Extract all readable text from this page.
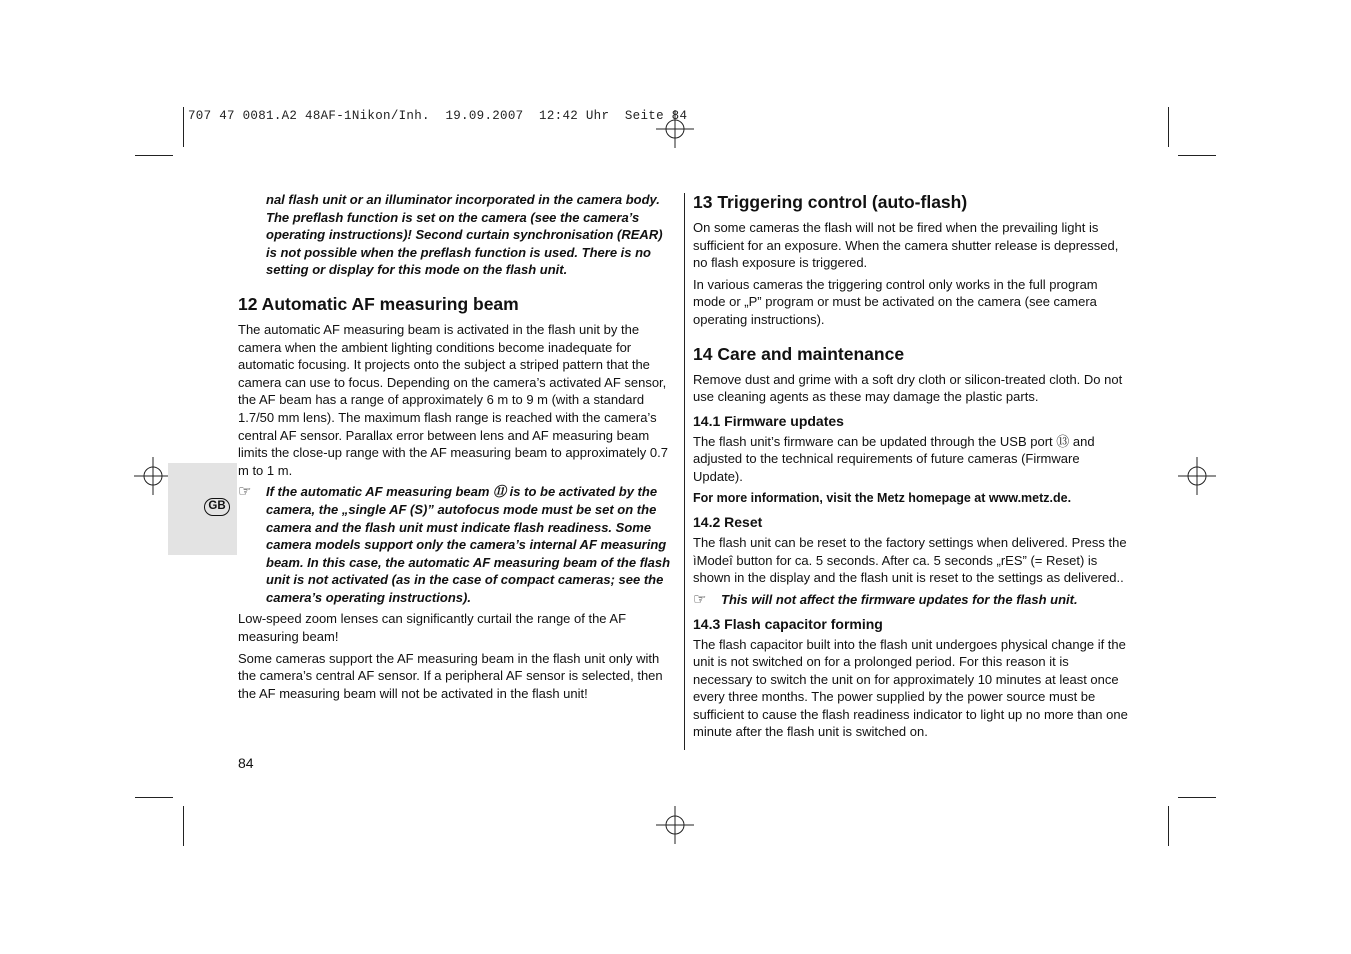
707 47 0081.A2 48AF-1Nikon/Inh.  19.09.2007  12:42 Uhr  Seite 84
GB

nal flash unit or an illuminator incorporated in the camera body. The preflash function is set on the camera (see the camera’s operating instructions)! Second curtain synchronisation (REAR) is not possible when the preflash function is used. There is no setting or display for this mode on the flash unit.

12 Automatic AF measuring beam

The automatic AF measuring beam is activated in the flash unit by the camera when the ambient lighting conditions become inadequate for automatic focusing. It projects onto the subject a striped pattern that the camera can use to focus. Depending on the camera’s activated AF sensor, the AF beam has a range of approximately 6 m to 9 m (with a standard 1.7/50 mm lens). The maximum flash range is reached with the camera’s central AF sensor. Parallax error between lens and AF measuring beam limits the close-up range with the AF measuring beam to approximately 0.7 m to 1 m.

☞	If the automatic AF measuring beam ⑪ is to be activated by the camera, the „single AF (S)” autofocus mode must be set on the camera and the flash unit must indicate flash readiness. Some camera models support only the camera’s internal AF measuring beam. In this case, the automatic AF measuring beam of the flash unit is not activated (as in the case of compact cameras; see the camera’s operating instructions).

Low-speed zoom lenses can significantly curtail the range of the AF measuring beam!

Some cameras support the AF measuring beam in the flash unit only with the camera’s central AF sensor. If a peripheral AF sensor is selected, then the AF measuring beam will not be activated in the flash unit!

13 Triggering control (auto-flash)

On some cameras the flash will not be fired when the prevailing light is sufficient for an exposure. When the camera shutter release is depressed, no flash exposure is triggered.

In various cameras the triggering control only works in the full program mode or „P” program or must be activated on the camera (see camera operating instructions).

14 Care and maintenance

Remove dust and grime with a soft dry cloth or silicon-treated cloth. Do not use cleaning agents as these may damage the plastic parts.

14.1 Firmware updates

The flash unit’s firmware can be updated through the USB port ⑬ and adjusted to the technical requirements of future cameras (Firmware Update).

For more information, visit the Metz homepage at www.metz.de.

14.2 Reset

The flash unit can be reset to the factory settings when delivered. Press the ìModeî button for ca. 5 seconds. After ca. 5 seconds „rES” (= Reset) is shown in the display and the flash unit is reset to the settings as delivered..

☞	This will not affect the firmware updates for the flash unit.
14.3 Flash capacitor forming

The flash capacitor built into the flash unit undergoes physical change if the unit is not switched on for a prolonged period. For this reason it is necessary to switch the unit on for approximately 10 minutes at least once every three months. The power supplied by the power source must be sufficient to cause the flash readiness indicator to light up no more than one minute after the flash unit is switched on.

84
